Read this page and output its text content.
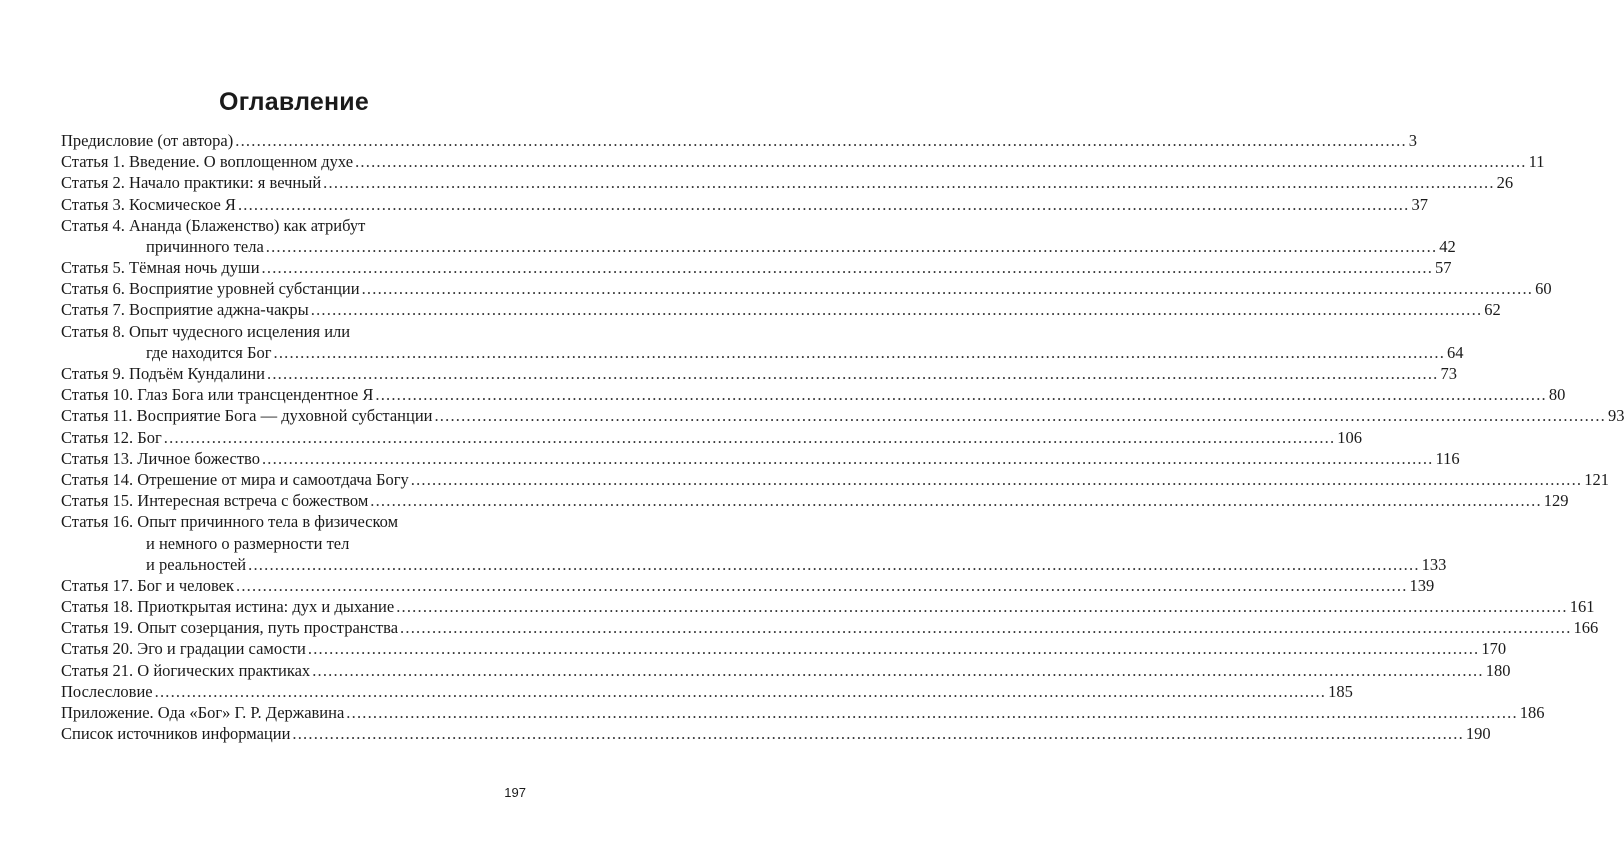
Оглавление
Предисловие (от автора) ............................................................................................................................................................................................................................ 3
Статья 1. Введение. О воплощенном духе ............................................................................................................................................................................................................................ 11
Статья 2. Начало практики: я вечный ............................................................................................................................................................................................................................ 26
Статья 3. Космическое Я ............................................................................................................................................................................................................................ 37
Статья 4. Ананда (Блаженство) как атрибут
причинного тела ............................................................................................................................................................................................................................ 42
Статья 5. Тёмная ночь души ............................................................................................................................................................................................................................ 57
Статья 6. Восприятие уровней субстанции ............................................................................................................................................................................................................................ 60
Статья 7. Восприятие аджна-чакры ............................................................................................................................................................................................................................ 62
Статья 8. Опыт чудесного исцеления или
где находится Бог ............................................................................................................................................................................................................................ 64
Статья 9. Подъём Кундалини ............................................................................................................................................................................................................................ 73
Статья 10. Глаз Бога или трансцендентное Я ............................................................................................................................................................................................................................ 80
Статья 11. Восприятие Бога — духовной субстанции ............................................................................................................................................................................................................................ 93
Статья 12. Бог ............................................................................................................................................................................................................................ 106
Статья 13. Личное божество ............................................................................................................................................................................................................................ 116
Статья 14. Отрешение от мира и самоотдача Богу ............................................................................................................................................................................................................................ 121
Статья 15. Интересная встреча с божеством ............................................................................................................................................................................................................................ 129
Статья 16. Опыт причинного тела в физическом
и немного о размерности тел
и реальностей ............................................................................................................................................................................................................................ 133
Статья 17. Бог и человек ............................................................................................................................................................................................................................ 139
Статья 18. Приоткрытая истина: дух и дыхание ............................................................................................................................................................................................................................ 161
Статья 19. Опыт созерцания, путь пространства ............................................................................................................................................................................................................................ 166
Статья 20. Эго и градации самости ............................................................................................................................................................................................................................ 170
Статья 21. О йогических практиках ............................................................................................................................................................................................................................ 180
Послесловие ............................................................................................................................................................................................................................ 185
Приложение. Ода «Бог» Г. Р. Державина ............................................................................................................................................................................................................................ 186
Список источников информации ............................................................................................................................................................................................................................ 190
197
